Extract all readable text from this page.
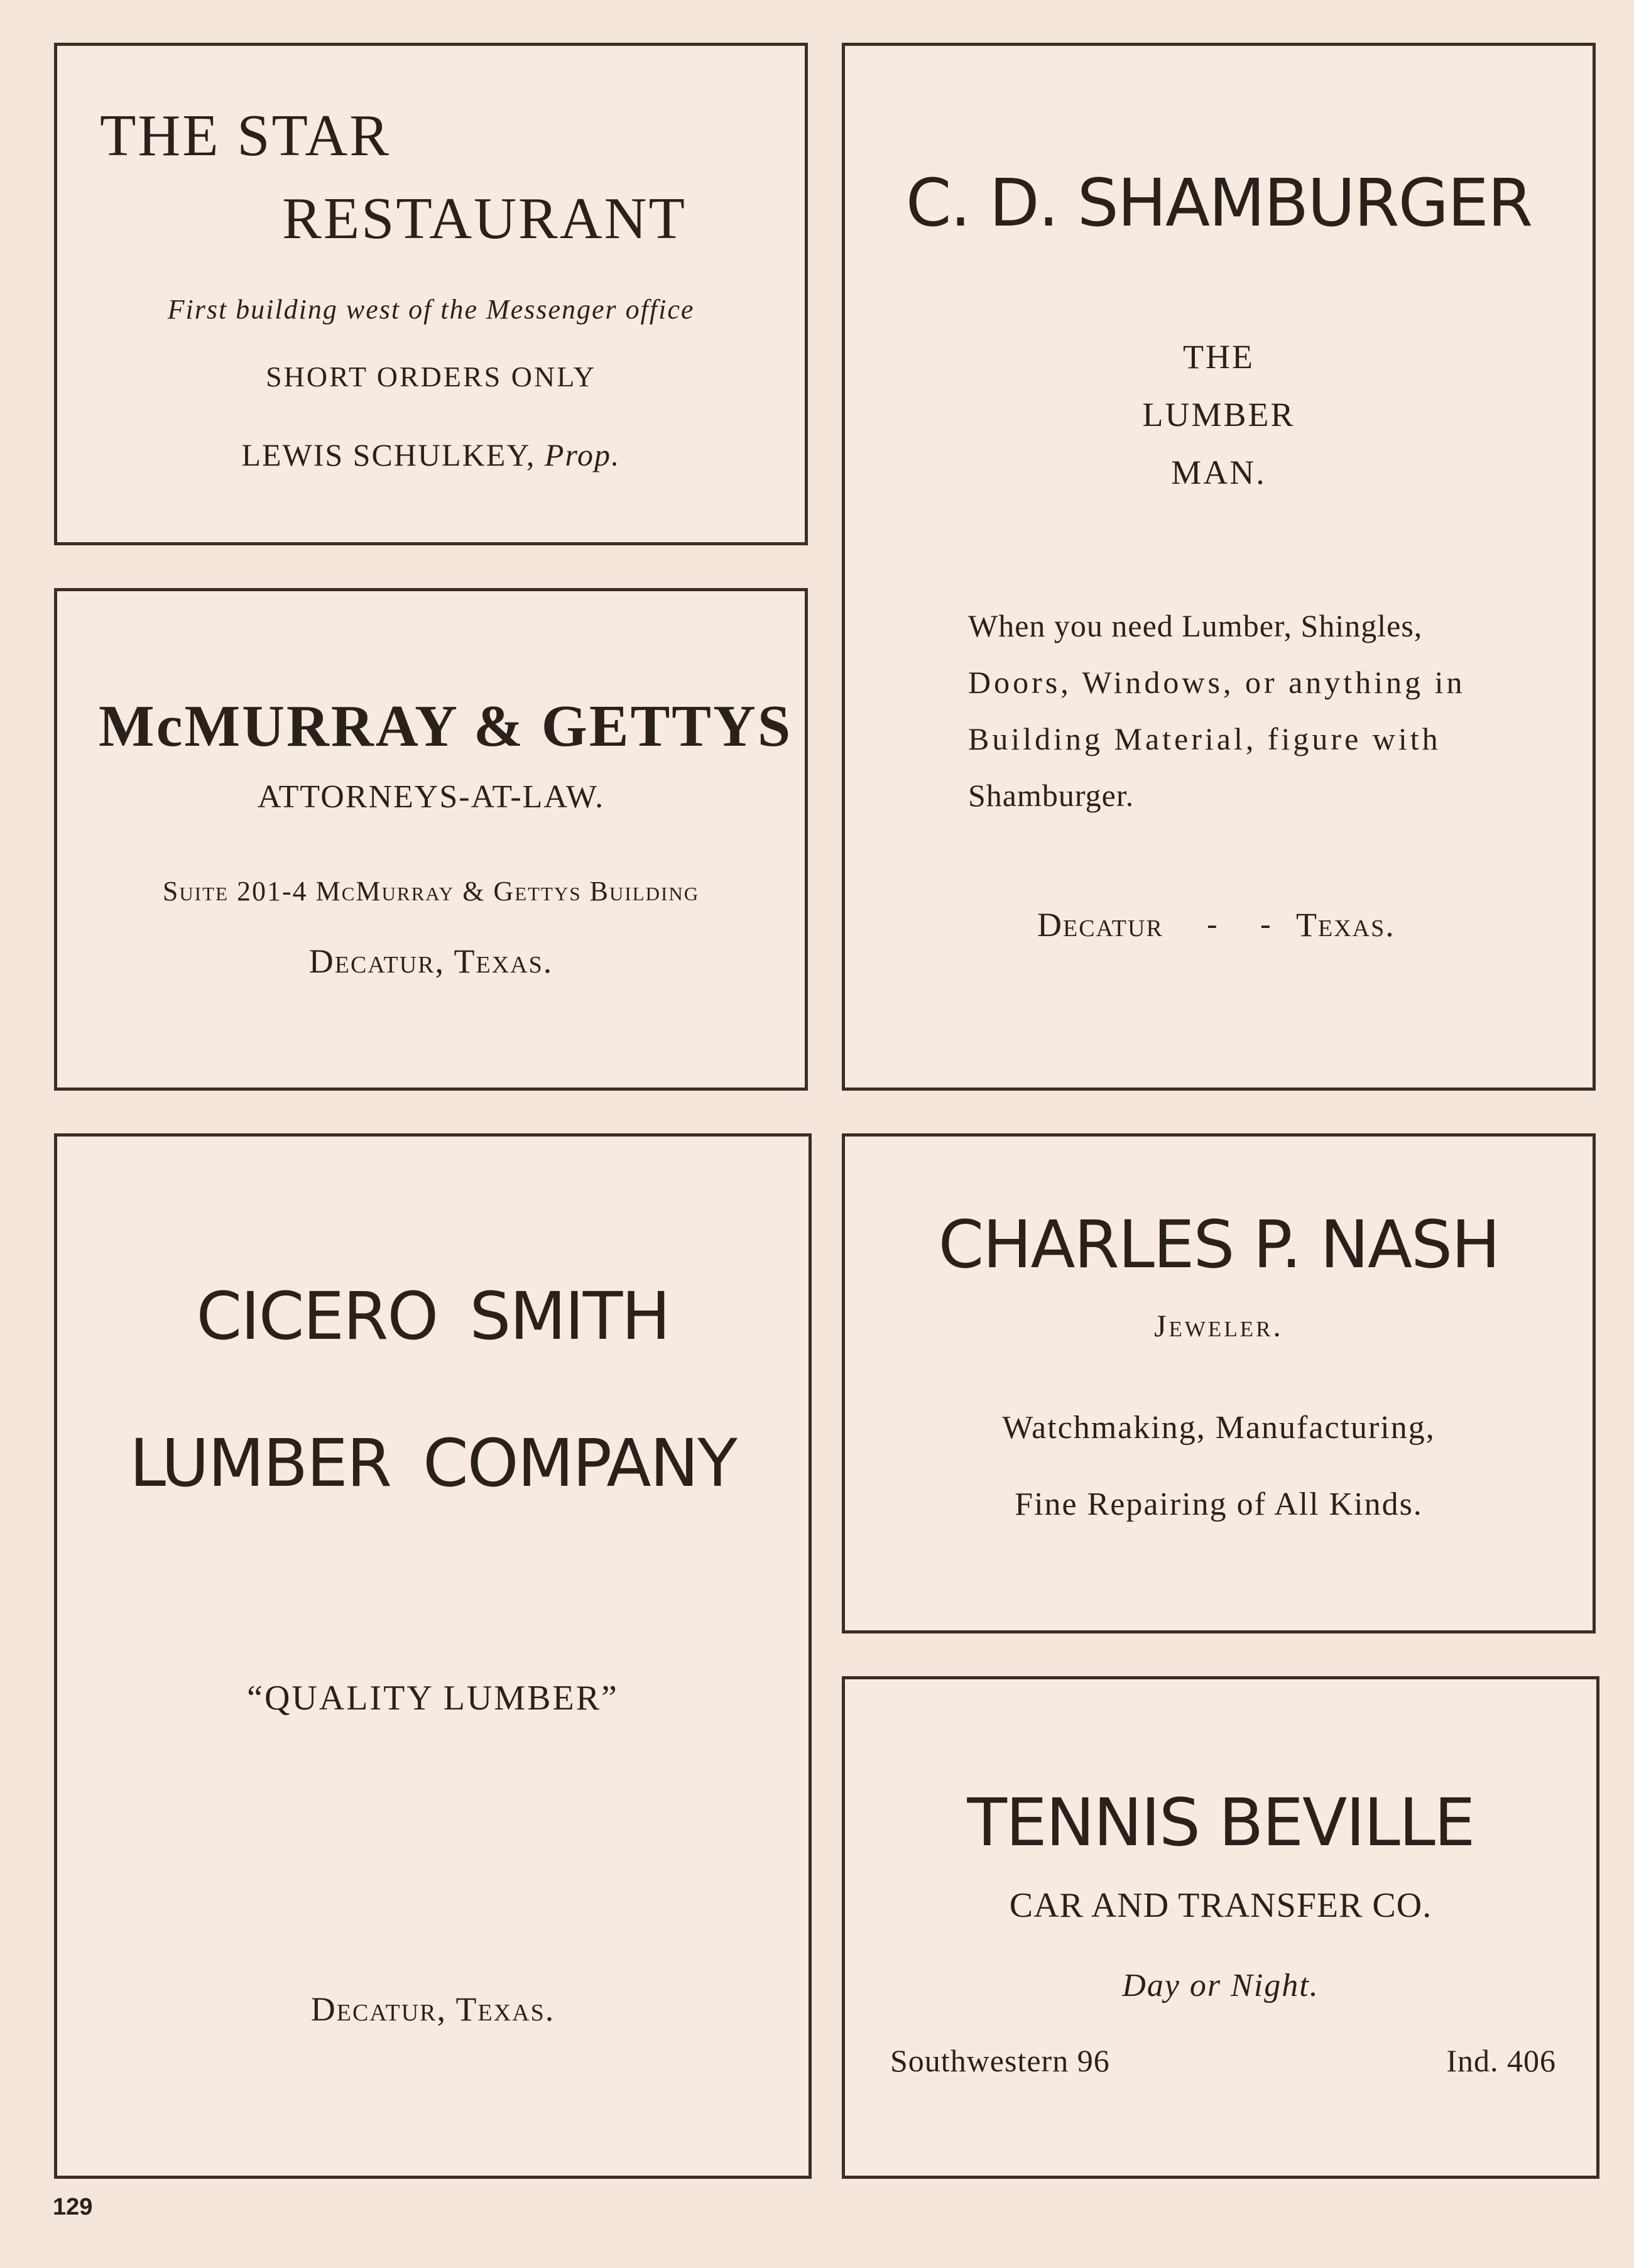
THE STAR
RESTAURANT
First building west of the Messenger office
SHORT ORDERS ONLY
LEWIS SCHULKEY, Prop.
McMURRAY & GETTYS
ATTORNEYS-AT-LAW.
Suite 201-4 McMurray & Gettys Building
Decatur, Texas.
C. D. SHAMBURGER
THE
LUMBER
MAN.
When you need Lumber, Shingles,
Doors, Windows, or anything in
Building Material, figure with
Shamburger.
Decatur - - Texas.
CICERO SMITH
LUMBER COMPANY
“QUALITY LUMBER”
Decatur, Texas.
CHARLES P. NASH
Jeweler.
Watchmaking, Manufacturing,
Fine Repairing of All Kinds.
TENNIS BEVILLE
CAR AND TRANSFER CO.
Day or Night.
Southwestern 96	Ind. 406
129
